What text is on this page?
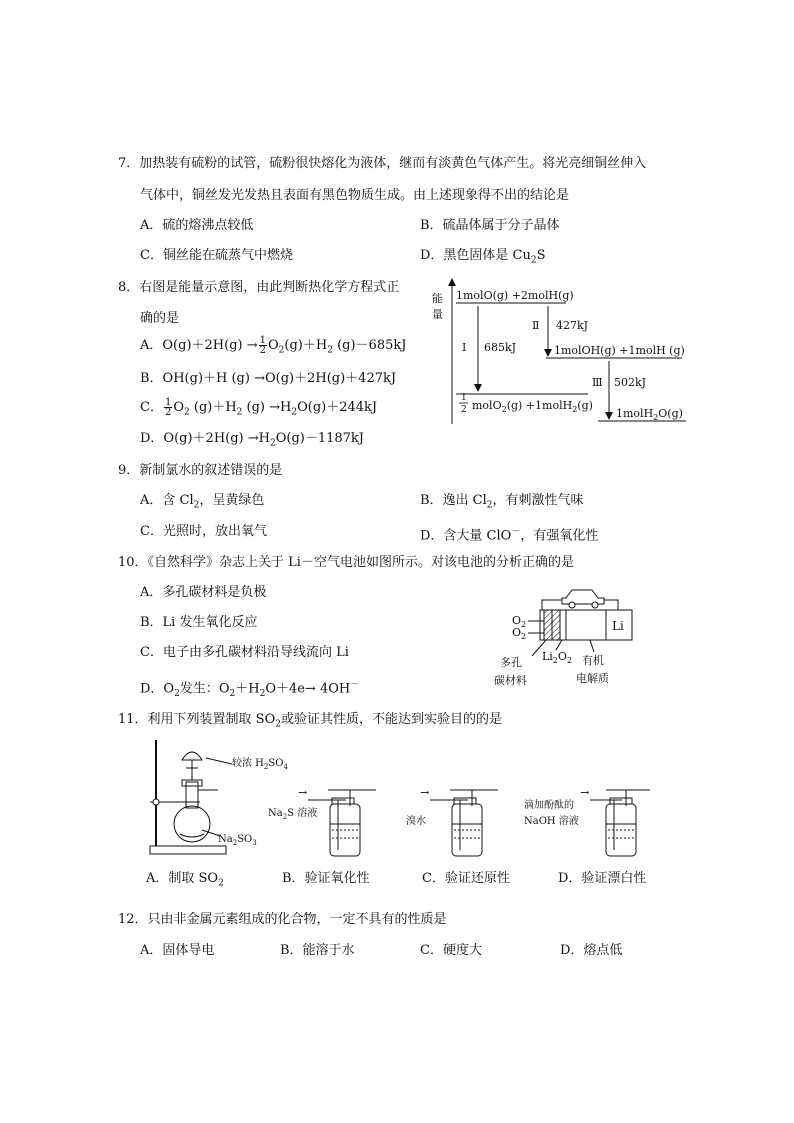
7．加热装有硫粉的试管，硫粉很快熔化为液体，继而有淡黄色气体产生。将光亮细铜丝伸入
气体中，铜丝发光发热且表面有黑色物质生成。由上述现象得不出的结论是
A．硫的熔沸点较低	B．硫晶体属于分子晶体
C．铜丝能在硫蒸气中燃烧	D．黑色固体是 $Cu_2S$
8．右图是能量示意图，由此判断热化学方程式正
确的是
A．$O(g)+2H(g) \to \frac{1}{2} O_2(g)+H_2$ (g)－685kJ
B．OH(g)＋H (g) →O(g)＋2H(g)＋427kJ
C． $\frac{1}{2} O_2$ $(g)+H_2$ $(g) \to H_2O(g)+244kJ$
D．$O(g)+2H(g) \to H_2O(g)-1187kJ$
能
量
1molO(g) +2molH(g)
1molOH(g) +1molH (g)
1molH$_2$O(g)
1
2 molO$_2$(g) +1molH$_2$(g)
Ⅰ 685kJ
Ⅱ 427kJ
Ⅲ 502kJ
9．新制氯水的叙述错误的是
A．含 $Cl_2$，呈黄绿色	B．逸出 $Cl_2$，有刺激性气味
C．光照时，放出氧气	D．含大量 ClO－，有强氧化性
10．《自然科学》杂志上关于 Li－空气电池如图所示。对该电池的分析正确的是
A．多孔碳材料是负极
B．Li 发生氧化反应
C．电子由多孔碳材料沿导线流向 Li
D．$O_2$发生：$O_2+H_2O+4e\to 4OH^-$
Li
$O_2$
$O_2$
$Li_2O_2$
多孔
碳材料
有机
电解质
11．利用下列装置制取 $SO_2$或验证其性质，不能达到实验目的的是
较浓 $H_2SO_4$
$Na_2SO_3$
→
$Na_2S$ 溶液
→
溴水
→
滴加酚酞的
NaOH 溶液
A．制取 $SO_2$	B．验证氧化性	C．验证还原性	D．验证漂白性
12．只由非金属元素组成的化合物，一定不具有的性质是
A．固体导电	B．能溶于水	C．硬度大	D．熔点低
